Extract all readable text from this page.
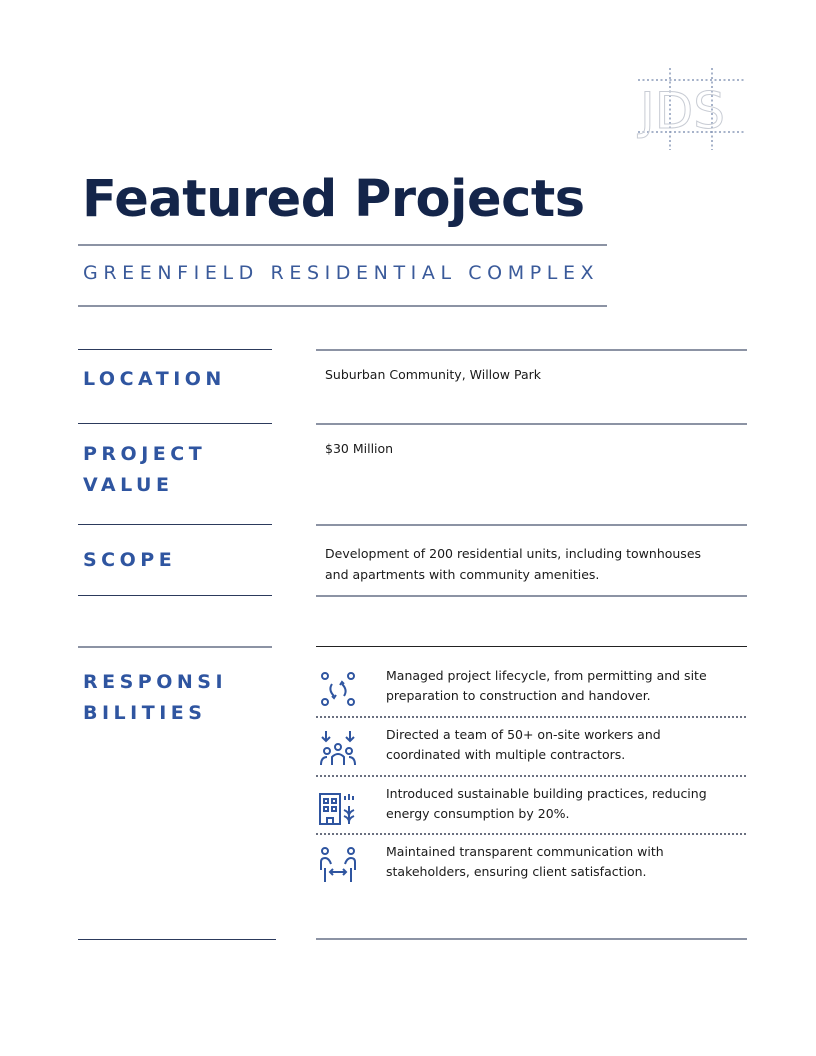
JDS
Featured Projects
GREENFIELD RESIDENTIAL COMPLEX
LOCATION	Suburban Community, Willow Park
PROJECT
VALUE
$30 Million
SCOPE	Development of 200 residential units, including townhouses and apartments with community amenities.
RESPONSI
BILITIES
Managed project lifecycle, from permitting and site preparation to construction and handover.
Directed a team of 50+ on-site workers and coordinated with multiple contractors.
Introduced sustainable building practices, reducing energy consumption by 20%.
Maintained transparent communication with stakeholders, ensuring client satisfaction.
